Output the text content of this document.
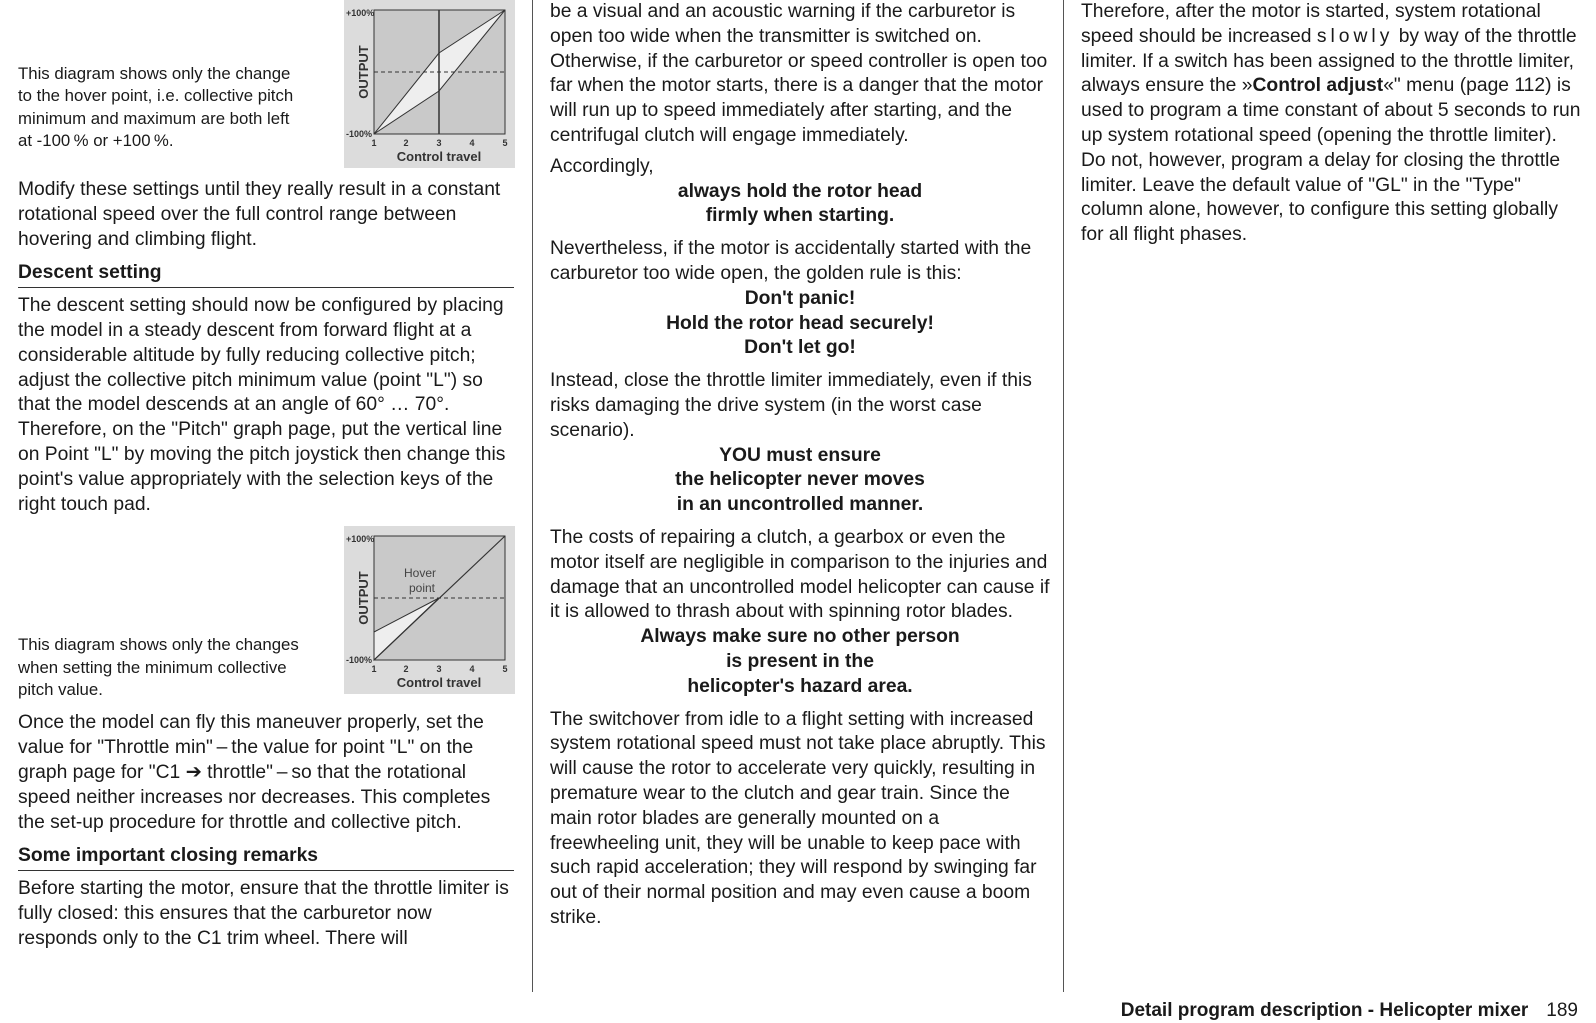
This diagram shows only the change to the hover point, i.e. collective pitch minimum and maximum are both left at -100 % or +100 %.

+100%
-100%
OUTPUT
1	2	3	4	5
Control travel

Modify these settings until they really result in a constant rotational speed over the full control range between hovering and climbing flight.

Descent setting

The descent setting should now be configured by placing the model in a steady descent from forward flight at a considerable altitude by fully reducing collective pitch; adjust the collective pitch minimum value (point "L") so that the model descends at an angle of 60° … 70°. Therefore, on the "Pitch" graph page, put the vertical line on Point "L" by moving the pitch joystick then change this point's value appropriately with the selection keys of the right touch pad.

This diagram shows only the changes when setting the minimum collective pitch value.

Hover
point
+100%
-100%
OUTPUT
1	2	3	4	5
Control travel

Once the model can fly this maneuver properly, set the value for "Throttle min" – the value for point "L" on the graph page for "C1 ➔ throttle" – so that the rotational speed neither increases nor decreases. This completes the set-up procedure for throttle and collective pitch.

Some important closing remarks

Before starting the motor, ensure that the throttle limiter is fully closed: this ensures that the carburetor now responds only to the C1 trim wheel. There will

be a visual and an acoustic warning if the carburetor is open too wide when the transmitter is switched on. Otherwise, if the carburetor or speed controller is open too far when the motor starts, there is a danger that the motor will run up to speed immediately after starting, and the centrifugal clutch will engage immediately.

Accordingly,

always hold the rotor head
firmly when starting.

Nevertheless, if the motor is accidentally started with the carburetor too wide open, the golden rule is this:

Don't panic!
Hold the rotor head securely!
Don't let go!

Instead, close the throttle limiter immediately, even if this risks damaging the drive system (in the worst case scenario).

YOU must ensure
the helicopter never moves
in an uncontrolled manner.

The costs of repairing a clutch, a gearbox or even the motor itself are negligible in comparison to the injuries and damage that an uncontrolled model helicopter can cause if it is allowed to thrash about with spinning rotor blades.

Always make sure no other person
is present in the
helicopter's hazard area.

The switchover from idle to a flight setting with increased system rotational speed must not take place abruptly. This will cause the rotor to accelerate very quickly, resulting in premature wear to the clutch and gear train. Since the main rotor blades are generally mounted on a freewheeling unit, they will be unable to keep pace with such rapid acceleration; they will respond by swinging far out of their normal position and may even cause a boom strike.

Therefore, after the motor is started, system rotational speed should be increased slowly by way of the throttle limiter. If a switch has been assigned to the throttle limiter, always ensure the »Control adjust«" menu (page 112) is used to program a time constant of about 5 seconds to run up system rotational speed (opening the throttle limiter). Do not, however, program a delay for closing the throttle limiter. Leave the default value of "GL" in the "Type" column alone, however, to configure this setting globally for all flight phases.

Detail program description - Helicopter mixer 189
